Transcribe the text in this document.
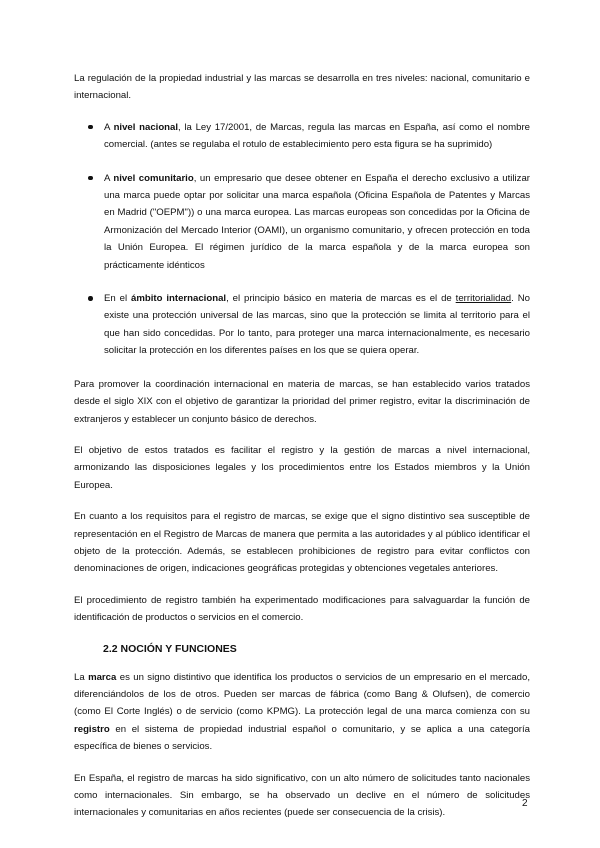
La regulación de la propiedad industrial y las marcas se desarrolla en tres niveles: nacional, comunitario e internacional.

A nivel nacional, la Ley 17/2001, de Marcas, regula las marcas en España, así como el nombre comercial. (antes se regulaba el rotulo de establecimiento pero esta figura se ha suprimido)

A nivel comunitario, un empresario que desee obtener en España el derecho exclusivo a utilizar una marca puede optar por solicitar una marca española (Oficina Española de Patentes y Marcas en Madrid ("OEPM")) o una marca europea. Las marcas europeas son concedidas por la Oficina de Armonización del Mercado Interior (OAMI), un organismo comunitario, y ofrecen protección en toda la Unión Europea. El régimen jurídico de la marca española y de la marca europea son prácticamente idénticos

En el ámbito internacional, el principio básico en materia de marcas es el de territorialidad. No existe una protección universal de las marcas, sino que la protección se limita al territorio para el que han sido concedidas. Por lo tanto, para proteger una marca internacionalmente, es necesario solicitar la protección en los diferentes países en los que se quiera operar.

Para promover la coordinación internacional en materia de marcas, se han establecido varios tratados desde el siglo XIX con el objetivo de garantizar la prioridad del primer registro, evitar la discriminación de extranjeros y establecer un conjunto básico de derechos.

El objetivo de estos tratados es facilitar el registro y la gestión de marcas a nivel internacional, armonizando las disposiciones legales y los procedimientos entre los Estados miembros y la Unión Europea.

En cuanto a los requisitos para el registro de marcas, se exige que el signo distintivo sea susceptible de representación en el Registro de Marcas de manera que permita a las autoridades y al público identificar el objeto de la protección. Además, se establecen prohibiciones de registro para evitar conflictos con denominaciones de origen, indicaciones geográficas protegidas y obtenciones vegetales anteriores.

El procedimiento de registro también ha experimentado modificaciones para salvaguardar la función de identificación de productos o servicios en el comercio.

2.2 NOCIÓN Y FUNCIONES

La marca es un signo distintivo que identifica los productos o servicios de un empresario en el mercado, diferenciándolos de los de otros. Pueden ser marcas de fábrica (como Bang & Olufsen), de comercio (como El Corte Inglés) o de servicio (como KPMG). La protección legal de una marca comienza con su registro en el sistema de propiedad industrial español o comunitario, y se aplica a una categoría específica de bienes o servicios.

En España, el registro de marcas ha sido significativo, con un alto número de solicitudes tanto nacionales como internacionales. Sin embargo, se ha observado un declive en el número de solicitudes internacionales y comunitarias en años recientes (puede ser consecuencia de la crisis).

2
